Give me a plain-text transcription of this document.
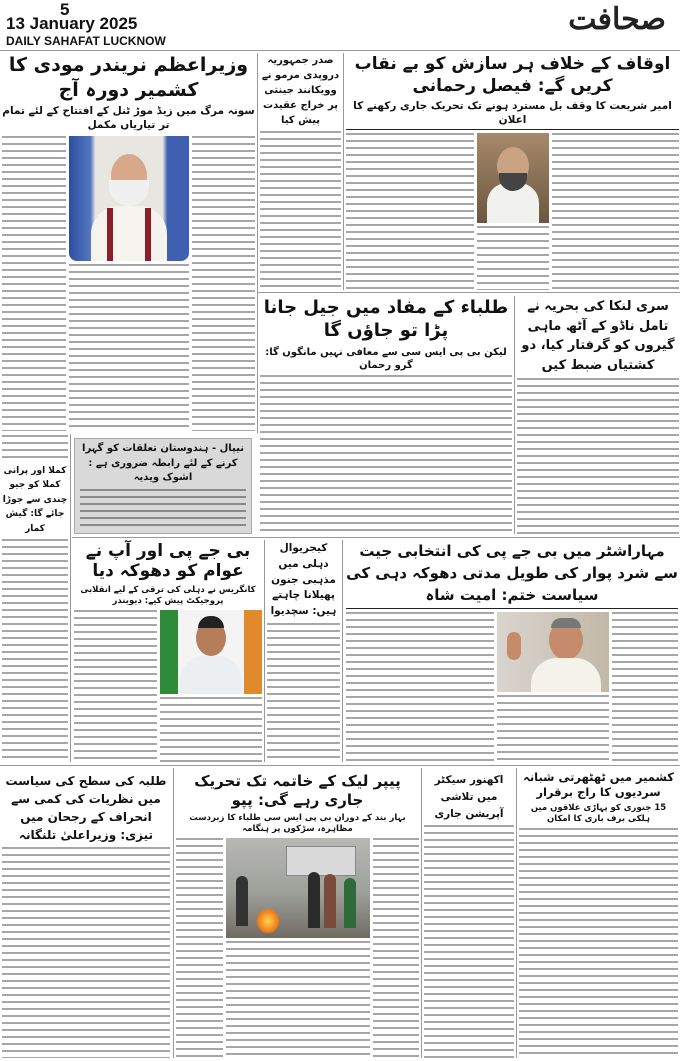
5
13 January 2025
DAILY SAHAFAT LUCKNOW
صحافت
اوقاف کے خلاف ہر سازش کو بے نقاب کریں گے: فیصل رحمانی
امیر شریعت کا وقف بل مسترد ہونے تک تحریک جاری رکھنے کا اعلان
صدر جمہوریہ دروپدی مرمو نے وویکانند جینتی پر خراج عقیدت پیش کیا
وزیراعظم نریندر مودی کا کشمیر دورہ آج
سونہ مرگ میں زیڈ موڑ ٹنل کے افتتاح کے لئے تمام تر تیاریاں مکمل
طلباء کے مفاد میں جیل جانا پڑا تو جاؤں گا
لیکن بی پی ایس سی سے معافی نہیں مانگوں گا: گرو رحمان
سری لنکا کی بحریہ نے تامل ناڈو کے آٹھ ماہی گیروں کو گرفتار کیا، دو کشتیاں ضبط کیں
کملا اور پرانی کملا کو جیو چندی سے جوڑا جائے گا: گیش کمار
نیپال - ہندوستان تعلقات کو گہرا کرنے کے لئے رابطہ ضروری ہے : اشوک ویدیہ
بی جے پی اور آپ نے عوام کو دھوکہ دیا
کانگریس نے دہلی کی ترقی کے لیے انقلابی پروجیکٹ پیش کیے: دیویندر
کیجریوال دہلی میں مذہبی جنون پھیلانا چاہتے ہیں: سچدیوا
مہاراشٹر میں بی جے پی کی انتخابی جیت سے شرد پوار کی طویل مدتی دھوکہ دہی کی سیاست ختم: امیت شاہ
کشمیر میں ٹھٹھرتی شبانہ سردیوں کا راج برقرار
15 جنوری کو پہاڑی علاقوں میں ہلکی برف باری کا امکان
اکھنور سیکٹر میں تلاشی آپریشن جاری
پیپر لیک کے خاتمہ تک تحریک جاری رہے گی: پپو
بہار بند کے دوران بی پی ایس سی طلباء کا زبردست مظاہرہ، سڑکوں پر ہنگامہ
طلبہ کی سطح کی سیاست میں نظریات کی کمی سے انحراف کے رجحان میں تیزی: وزیراعلیٰ تلنگانہ
